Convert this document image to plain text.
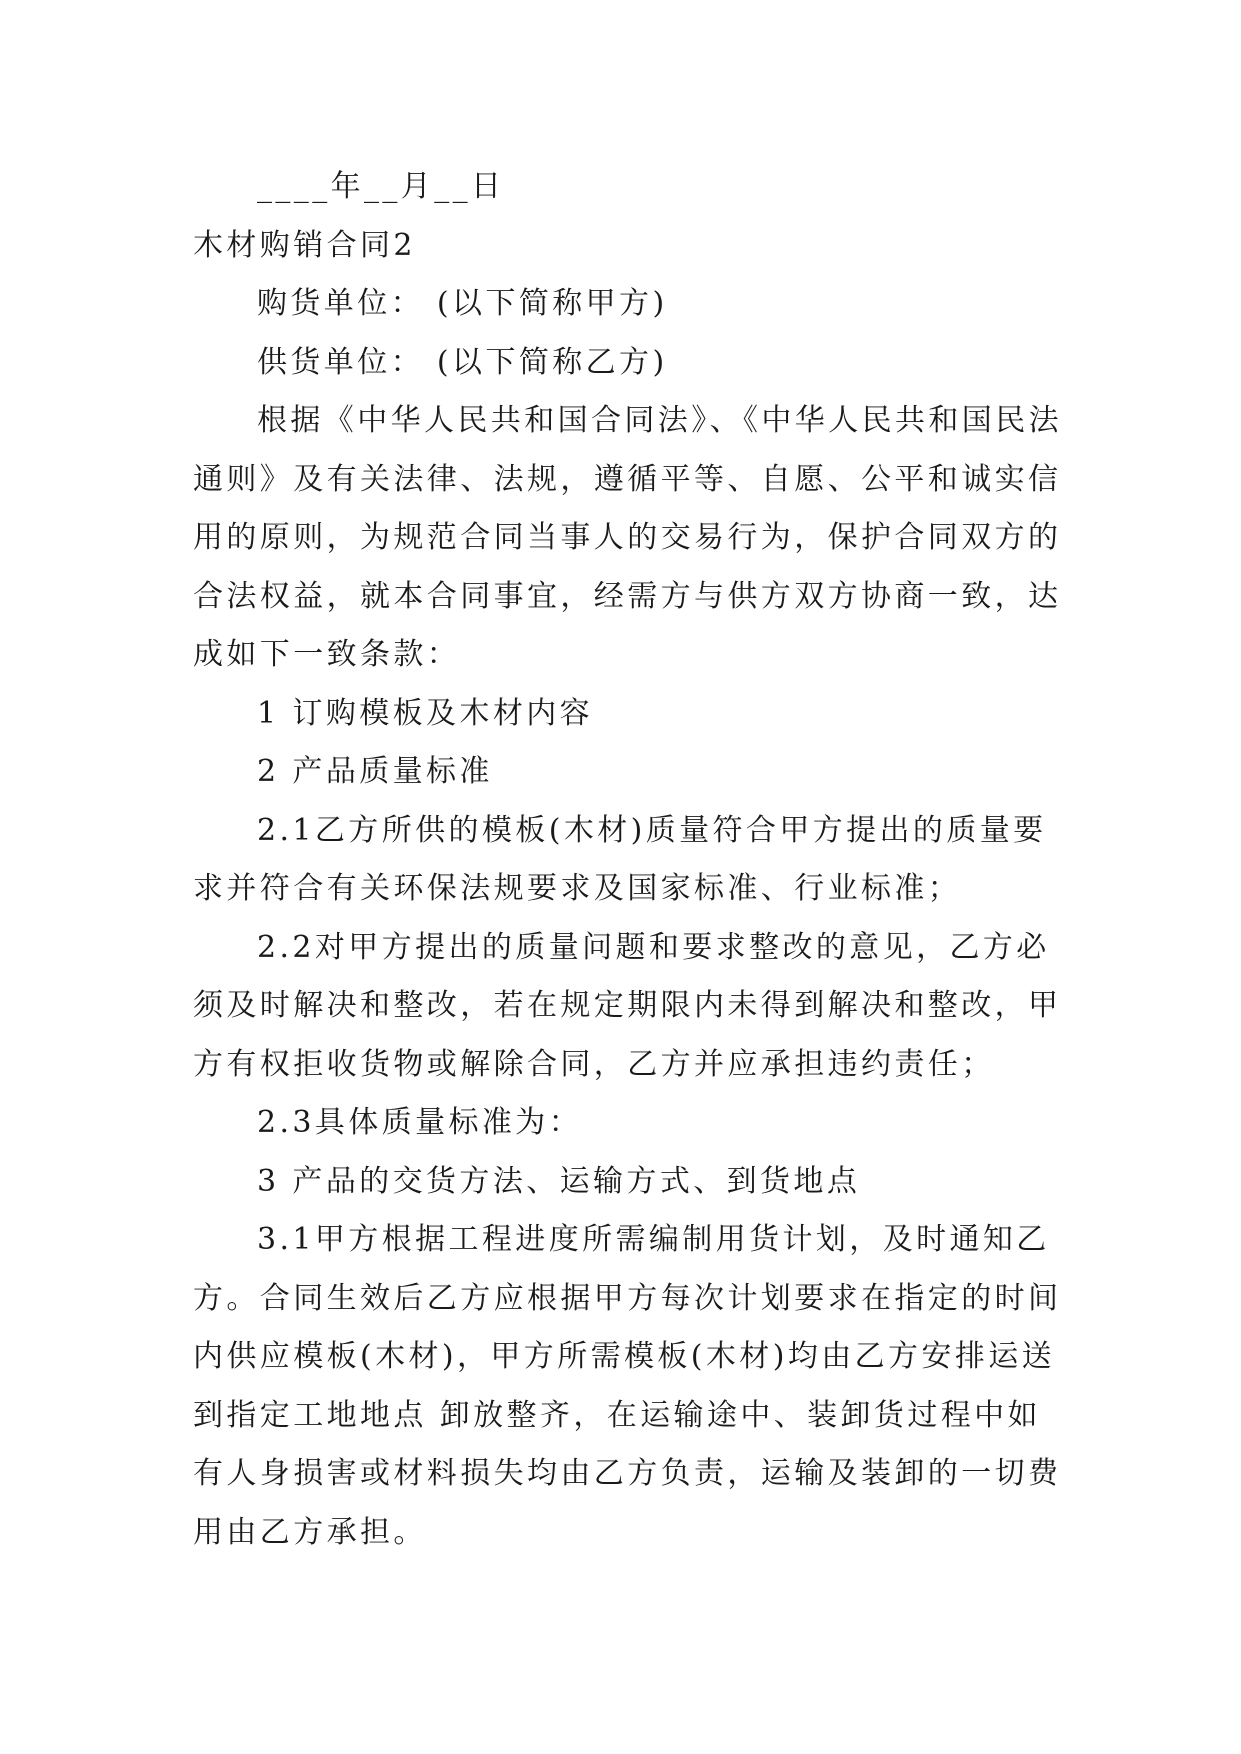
____年__月__日

木材购销合同2

购货单位： (以下简称甲方)

供货单位： (以下简称乙方)

根据《中华人民共和国合同法》、《中华人民共和国民法

通则》及有关法律、法规，遵循平等、自愿、公平和诚实信

用的原则，为规范合同当事人的交易行为，保护合同双方的

合法权益，就本合同事宜，经需方与供方双方协商一致，达

成如下一致条款：

1 订购模板及木材内容

2 产品质量标准

2.1乙方所供的模板(木材)质量符合甲方提出的质量要

求并符合有关环保法规要求及国家标准、行业标准；

2.2对甲方提出的质量问题和要求整改的意见，乙方必

须及时解决和整改，若在规定期限内未得到解决和整改，甲

方有权拒收货物或解除合同，乙方并应承担违约责任；

2.3具体质量标准为：

3 产品的交货方法、运输方式、到货地点

3.1甲方根据工程进度所需编制用货计划，及时通知乙

方。合同生效后乙方应根据甲方每次计划要求在指定的时间

内供应模板(木材)，甲方所需模板(木材)均由乙方安排运送

到指定工地地点 卸放整齐，在运输途中、装卸货过程中如

有人身损害或材料损失均由乙方负责，运输及装卸的一切费

用由乙方承担。
